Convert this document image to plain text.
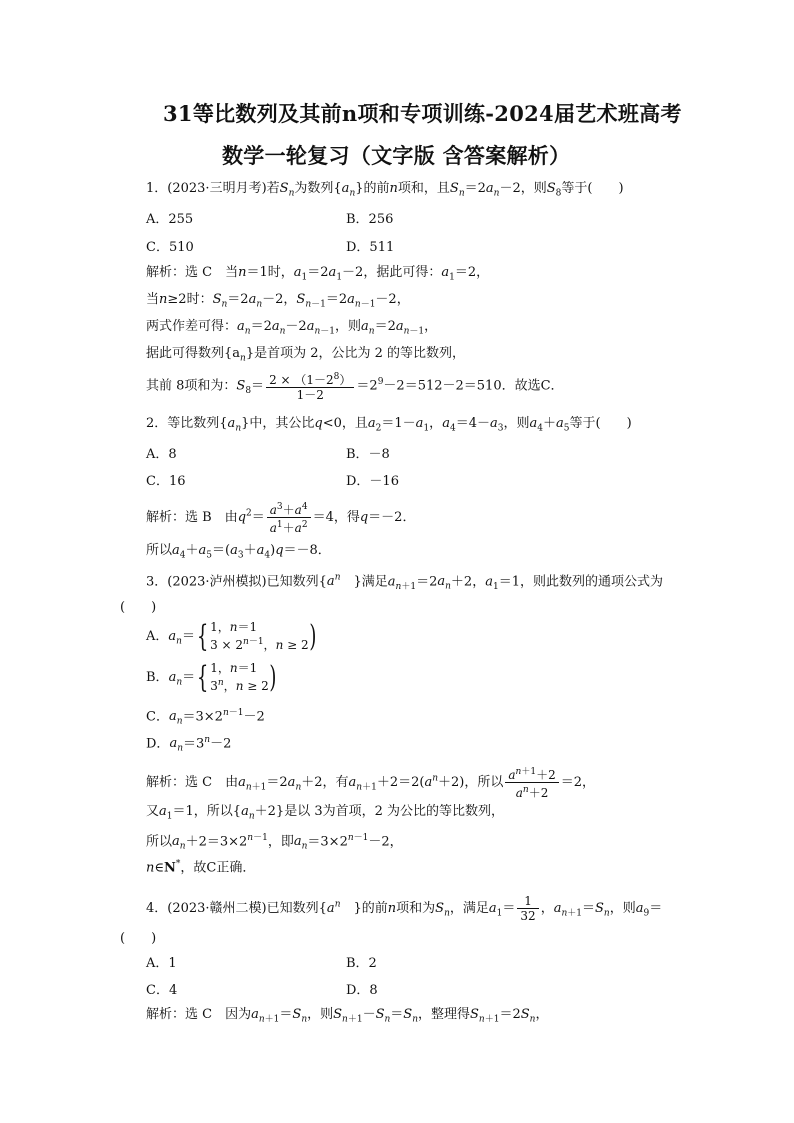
31等比数列及其前n项和专项训练-2024届艺术班高考
数学一轮复习（文字版 含答案解析）
1．(2023·三明月考)若$S_n$为数列$\{a_n\}$的前n项和，且$S_n=2a_n-2$，则$S_8$等于(　　)
A．255	B．256
C．510	D．511
解析：选 C　当n＝1时，$a_1=2a_1-2$，据此可得：$a_1=2$，
当n≥2时：$S_n=2a_n-2$，$S_{n-1}=2a_{n-1}-2$，
两式作差可得：$a_n=2a_n-2a_{n-1}$，则$a_n=2a_{n-1}$，
据此可得数列$\{a_n\}$是首项为 2，公比为 2 的等比数列，
其前 8项和为：$S_8= \frac{2 \times (1-2^8)}{1-2} =2^9-2=512-2=510$．故选C．
2．等比数列$\{a_n\}$中，其公比q<0，且$a_2=1-a_1$，$a_4=4-a_3$，则$a_4+a_5$等于(　　)
A．8	B．－8
C．16	D．－16
解析：选 B　由$q^2= \frac{a^3+a^4}{a^1+a^2} =4$，得q＝－2．
所以$a_4+a_5=(a_3+a_4)q=-8$．
3．(2023·泸州模拟)已知数列{$a^n$　}满足$a_{n+1}=2a_n+2$，$a_1=1$，则此数列的通项公式为
(　　)
A．$a_n=${ 1，n＝1
$3 \times 2^{n-1}$，n ≥ 2)
B．$a_n=${ 1，n＝1
3$^n$，n ≥ 2)
C．$a_n=3\times 2^{n-1}-2$
D．$a_n=3^n-2$
解析：选 C　由$a_{n+1}=2a_n+2$，有$a_{n+1}+2=2(a^n+2)$，所以 $\frac{a^{n+1}+2}{a^n+2} =2$，
又$a_1=1$，所以$\{a_n+2\}$是以 3为首项，2 为公比的等比数列，
所以$a_n+2=3\times 2^{n-1}$，即$a_n=3\times 2^{n-1}-2$，
n∈N*，故C正确．
4．(2023·赣州二模)已知数列{$a^n$　}的前n项和为$S_n$，满足$a_1= \frac{1}{32}$ ，$a_{n+1}=S_n$，则$a_9=$
(　　)
A．1	B．2
C．4	D．8
解析：选 C　因为$a_{n+1}=S_n$，则$S_{n+1}-S_n=S_n$，整理得$S_{n+1}=2S_n$，
